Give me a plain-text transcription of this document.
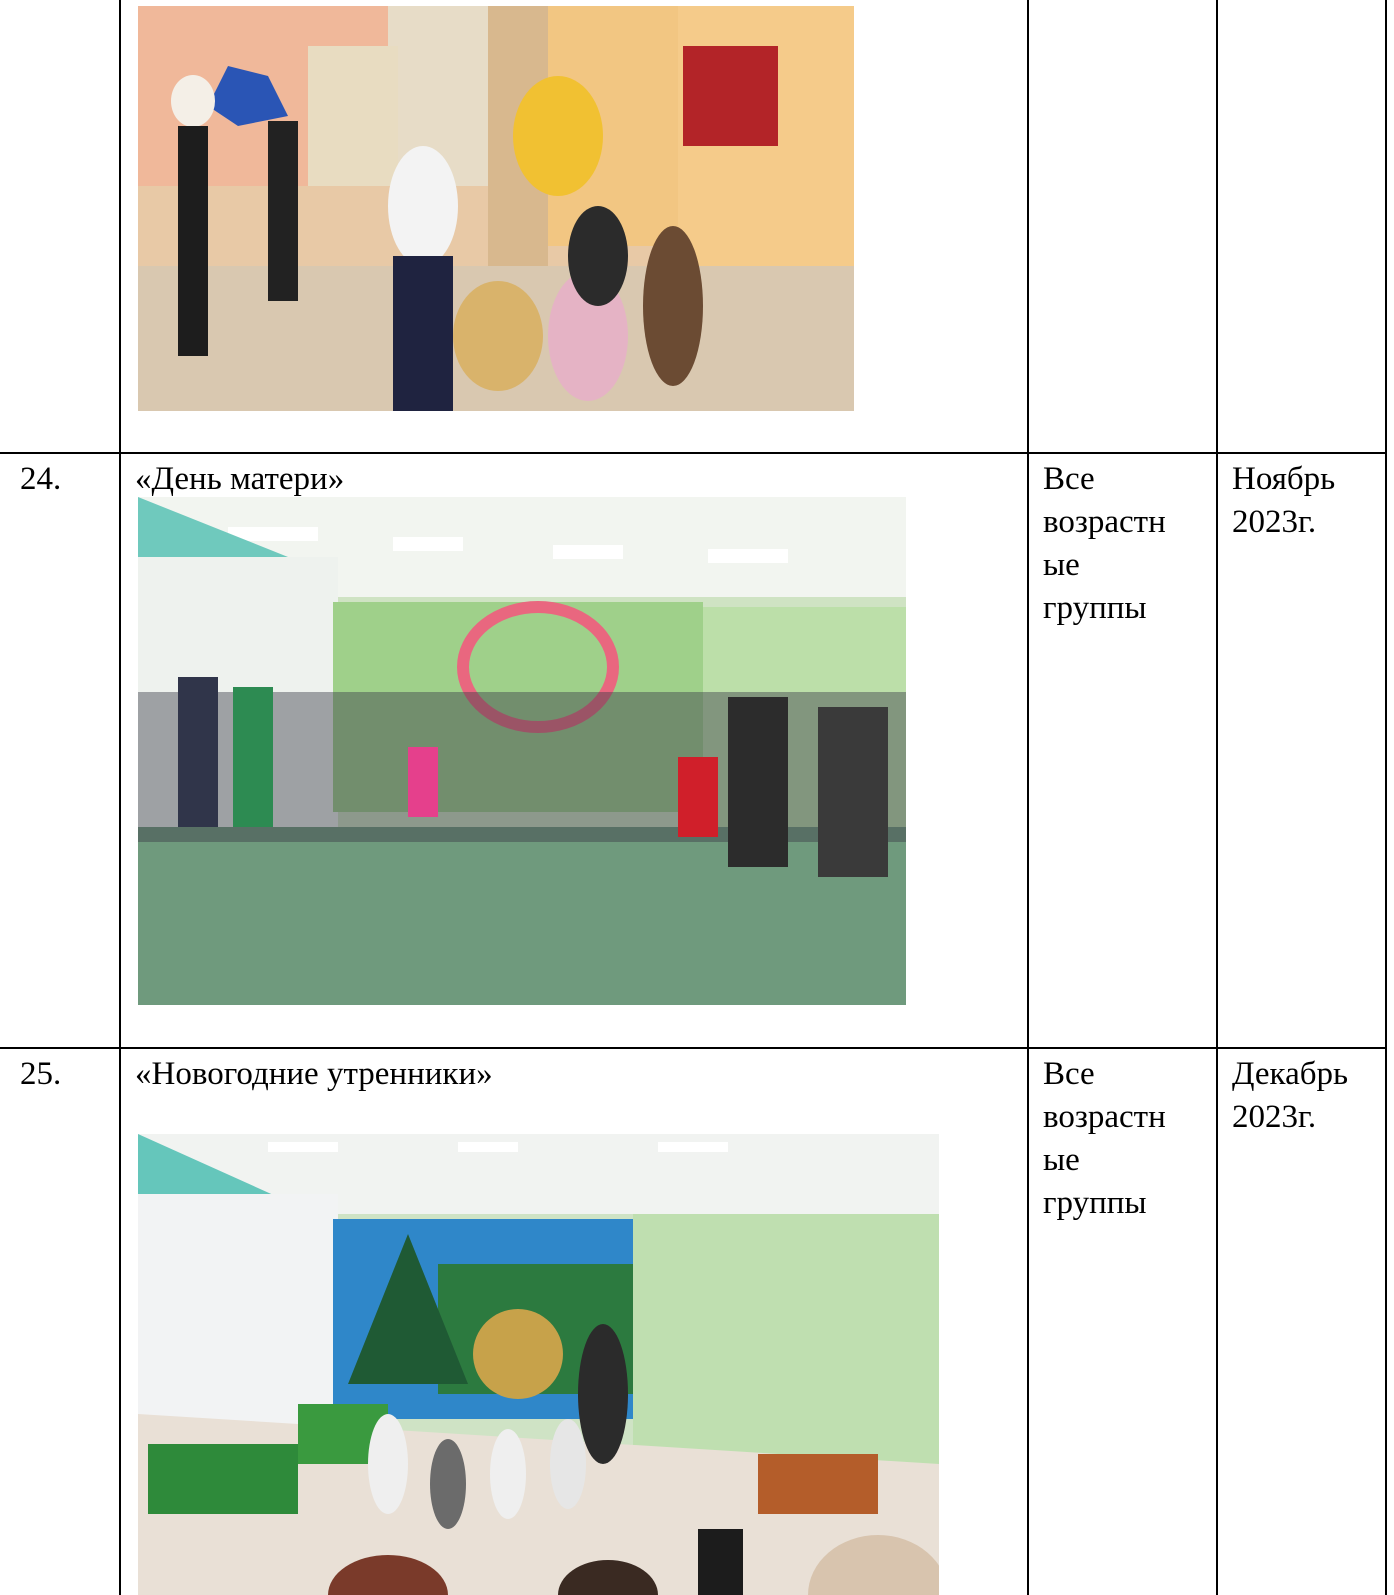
24. «День матери»	Все
возрастн
ые
группы
Ноябрь
2023г.
25. «Новогодние утренники»	Все
возрастн
ые
группы
Декабрь
2023г.
